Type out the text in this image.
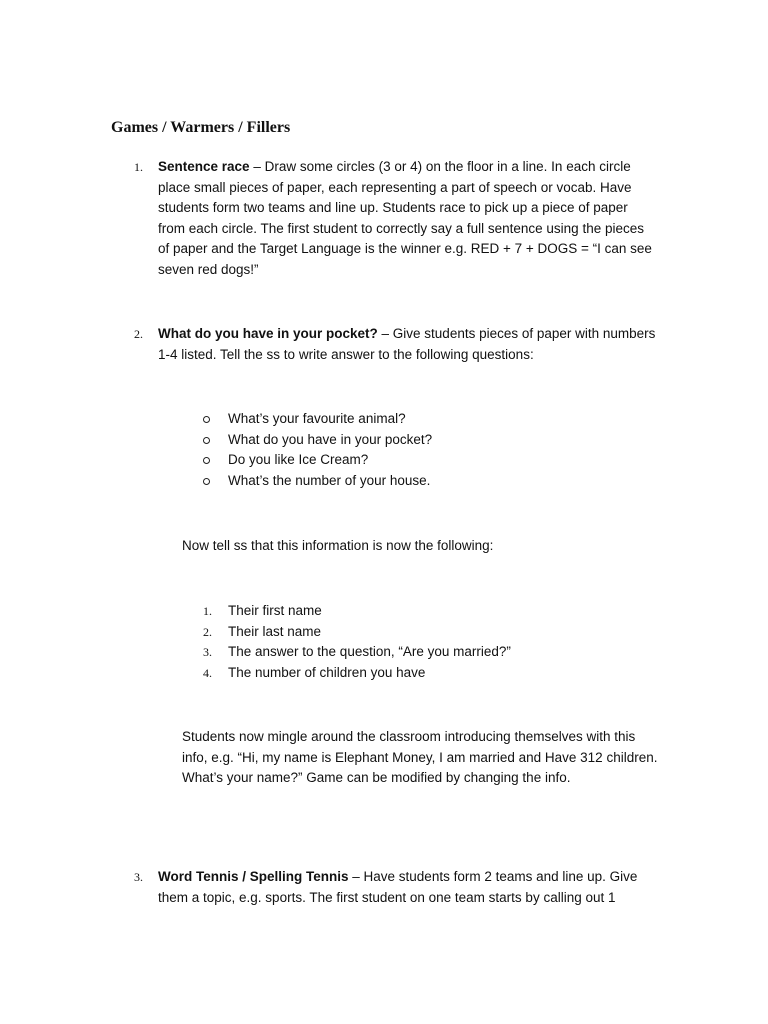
Games / Warmers / Fillers
1. Sentence race – Draw some circles (3 or 4) on the floor in a line. In each circle place small pieces of paper, each representing a part of speech or vocab. Have students form two teams and line up. Students race to pick up a piece of paper from each circle. The first student to correctly say a full sentence using the pieces of paper and the Target Language is the winner e.g. RED + 7 + DOGS = “I can see seven red dogs!”

2. What do you have in your pocket? – Give students pieces of paper with numbers 1-4 listed. Tell the ss to write answer to the following questions:

What’s your favourite animal?
What do you have in your pocket?
Do you like Ice Cream?
What’s the number of your house.

Now tell ss that this information is now the following:

1. Their first name
2. Their last name
3. The answer to the question, “Are you married?”
4. The number of children you have

Students now mingle around the classroom introducing themselves with this info, e.g. “Hi, my name is Elephant Money, I am married and Have 312 children. What’s your name?” Game can be modified by changing the info.

3. Word Tennis / Spelling Tennis – Have students form 2 teams and line up. Give them a topic, e.g. sports. The first student on one team starts by calling out 1
